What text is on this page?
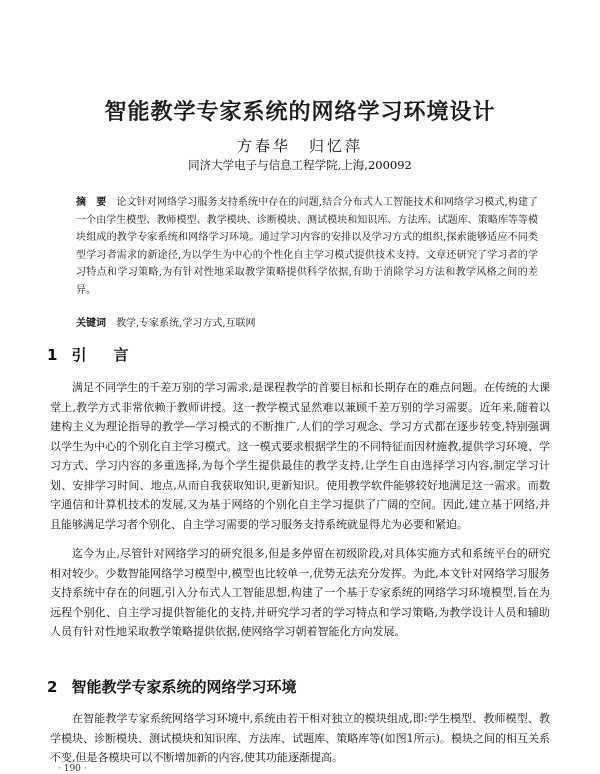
智能教学专家系统的网络学习环境设计
方春华　归忆萍
同济大学电子与信息工程学院,上海,200092

摘　要 论文针对网络学习服务支持系统中存在的问题,结合分布式人工智能技术和网络学习模式,构建了一个由学生模型、教师模型、教学模块、诊断模块、测试模块和知识库、方法库、试题库、策略库等等模块组成的教学专家系统和网络学习环境。通过学习内容的安排以及学习方式的组织,探索能够适应不同类型学习者需求的新途径,为以学生为中心的个性化自主学习模式提供技术支持。文章还研究了学习者的学习特点和学习策略,为有针对性地采取教学策略提供科学依据,有助于消除学习方法和教学风格之间的差异。

关键词 教学,专家系统,学习方式,互联网

1 引　言

满足不同学生的千差万别的学习需求,是课程教学的首要目标和长期存在的难点问题。在传统的大课堂上,教学方式非常依赖于教师讲授。这一教学模式显然难以兼顾千差万别的学习需要。近年来,随着以建构主义为理论指导的教学—学习模式的不断推广,人们的学习观念、学习方式都在逐步转变,特别强调以学生为中心的个别化自主学习模式。这一模式要求根据学生的不同特征而因材施教,提供学习环境、学习方式、学习内容的多重选择,为每个学生提供最佳的教学支持,让学生自由选择学习内容,制定学习计划、安排学习时间、地点,从而自我获取知识,更新知识。使用教学软件能够较好地满足这一需求。而数字通信和计算机技术的发展,又为基于网络的个别化自主学习提供了广阔的空间。因此,建立基于网络,并且能够满足学习者个别化、自主学习需要的学习服务支持系统就显得尤为必要和紧迫。

迄今为止,尽管针对网络学习的研究很多,但是多停留在初级阶段,对具体实施方式和系统平台的研究相对较少。少数智能网络学习模型中,模型也比较单一,优势无法充分发挥。为此,本文针对网络学习服务支持系统中存在的问题,引入分布式人工智能思想,构建了一个基于专家系统的网络学习环境模型,旨在为远程个别化、自主学习提供智能化的支持,并研究学习者的学习特点和学习策略,为教学设计人员和辅助人员有针对性地采取教学策略提供依据,使网络学习朝着智能化方向发展。

2 智能教学专家系统的网络学习环境

在智能教学专家系统网络学习环境中,系统由若干相对独立的模块组成,即:学生模型、教师模型、教学模块、诊断模块、测试模块和知识库、方法库、试题库、策略库等(如图1所示)。模块之间的相互关系不变,但是各模块可以不断增加新的内容,使其功能逐渐提高。

· 190 ·
